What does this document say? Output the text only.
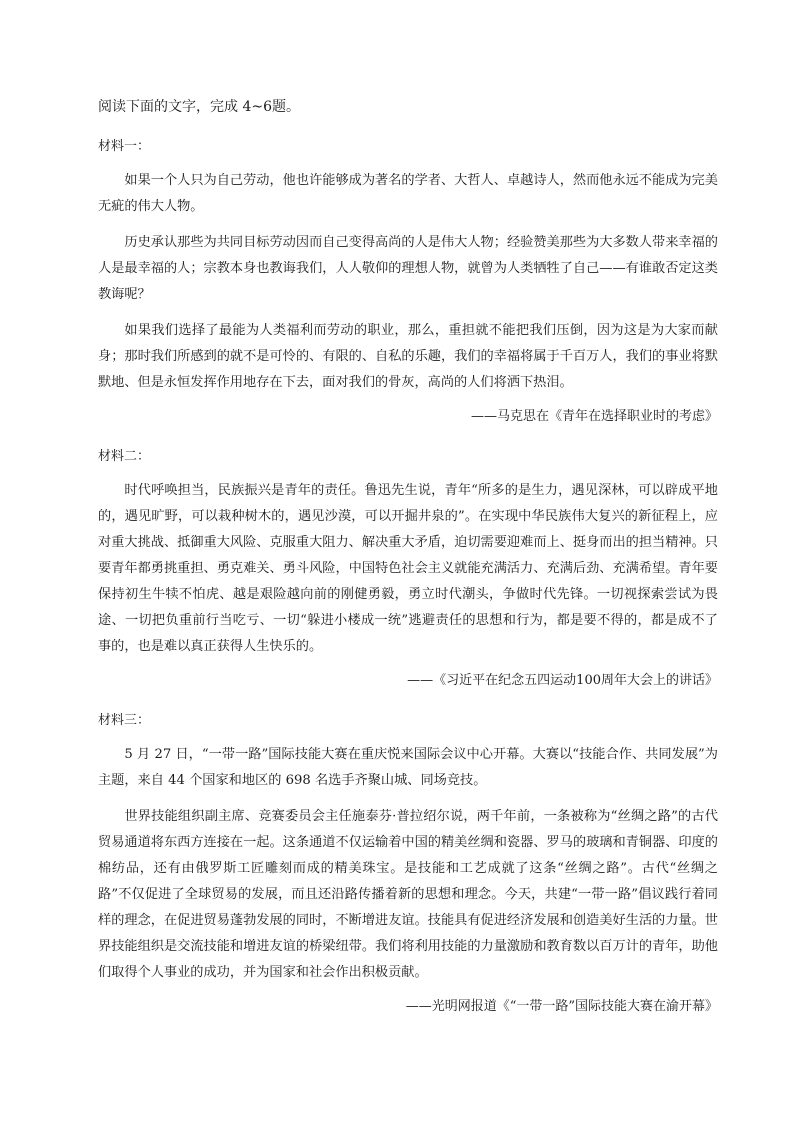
阅读下面的文字，完成 4~6题。

材料一：

如果一个人只为自己劳动，他也许能够成为著名的学者、大哲人、卓越诗人，然而他永远不能成为完美无疵的伟大人物。

历史承认那些为共同目标劳动因而自己变得高尚的人是伟大人物；经验赞美那些为大多数人带来幸福的人是最幸福的人；宗教本身也教诲我们，人人敬仰的理想人物，就曾为人类牺牲了自己——有谁敢否定这类教诲呢？

如果我们选择了最能为人类福利而劳动的职业，那么，重担就不能把我们压倒，因为这是为大家而献身；那时我们所感到的就不是可怜的、有限的、自私的乐趣，我们的幸福将属于千百万人，我们的事业将默默地、但是永恒发挥作用地存在下去，面对我们的骨灰，高尚的人们将洒下热泪。

——马克思在《青年在选择职业时的考虑》

材料二：

时代呼唤担当，民族振兴是青年的责任。鲁迅先生说，青年“所多的是生力，遇见深林，可以辟成平地的，遇见旷野，可以栽种树木的，遇见沙漠，可以开掘井泉的”。在实现中华民族伟大复兴的新征程上，应对重大挑战、抵御重大风险、克服重大阻力、解决重大矛盾，迫切需要迎难而上、挺身而出的担当精神。只要青年都勇挑重担、勇克难关、勇斗风险，中国特色社会主义就能充满活力、充满后劲、充满希望。青年要保持初生牛犊不怕虎、越是艰险越向前的刚健勇毅，勇立时代潮头，争做时代先锋。一切视探索尝试为畏途、一切把负重前行当吃亏、一切“躲进小楼成一统”逃避责任的思想和行为，都是要不得的，都是成不了事的，也是难以真正获得人生快乐的。

——《习近平在纪念五四运动100周年大会上的讲话》

材料三：

5 月 27 日，“一带一路”国际技能大赛在重庆悦来国际会议中心开幕。大赛以“技能合作、共同发展”为主题，来自 44 个国家和地区的 698 名选手齐聚山城、同场竞技。

世界技能组织副主席、竞赛委员会主任施泰芬·普拉绍尔说，两千年前，一条被称为“丝绸之路”的古代贸易通道将东西方连接在一起。这条通道不仅运输着中国的精美丝绸和瓷器、罗马的玻璃和青铜器、印度的棉纺品，还有由俄罗斯工匠雕刻而成的精美珠宝。是技能和工艺成就了这条“丝绸之路”。古代“丝绸之路”不仅促进了全球贸易的发展，而且还沿路传播着新的思想和理念。今天，共建“一带一路”倡议践行着同样的理念，在促进贸易蓬勃发展的同时，不断增进友谊。技能具有促进经济发展和创造美好生活的力量。世界技能组织是交流技能和增进友谊的桥梁纽带。我们将利用技能的力量激励和教育数以百万计的青年，助他们取得个人事业的成功，并为国家和社会作出积极贡献。

——光明网报道《“一带一路”国际技能大赛在渝开幕》
